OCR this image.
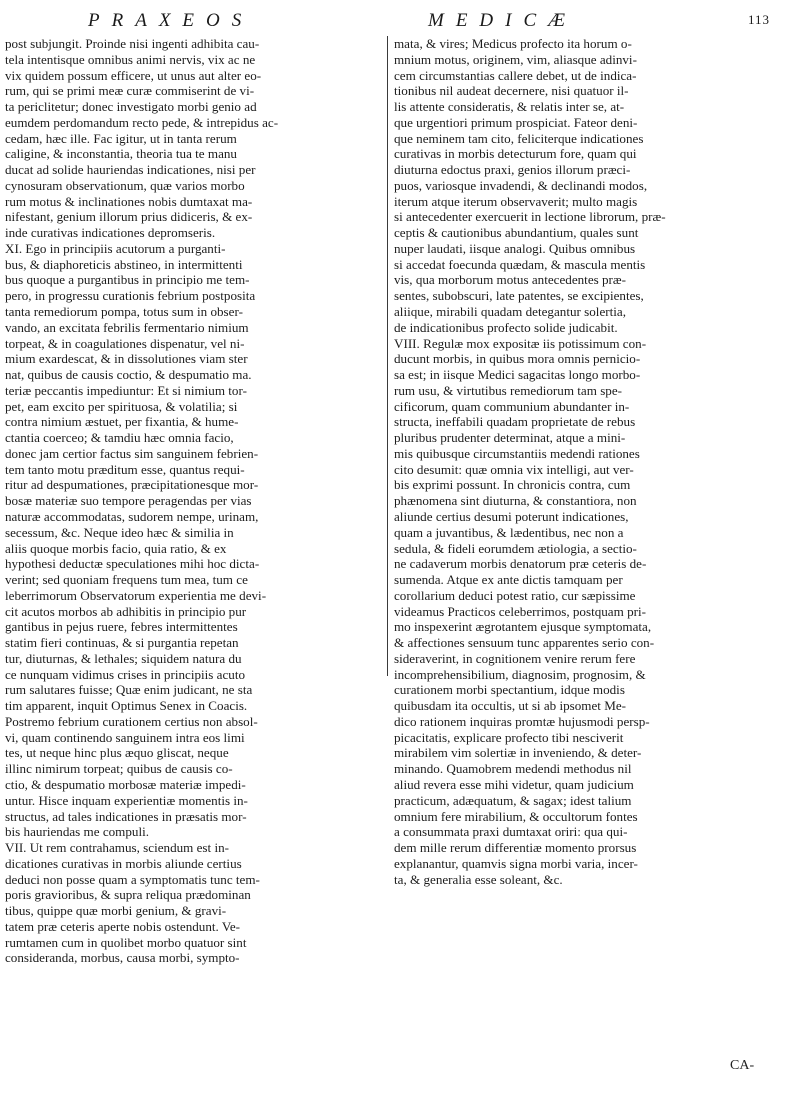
PRAXEOS	MEDICÆ	113
post subjungit. Proinde nisi ingenti adhibita cau-
tela intentisque omnibus animi nervis, vix ac ne
vix quidem possum efficere, ut unus aut alter eo-
rum, qui se primi meæ curæ commiserint de vi-
ta periclitetur; donec investigato morbi genio ad
eumdem perdomandum recto pede, & intrepidus ac-
cedam, hæc ille. Fac igitur, ut in tanta rerum
caligine, & inconstantia, theoria tua te manu
ducat ad solide hauriendas indicationes, nisi per
cynosuram observationum, quæ varios morbo
rum motus & inclinationes nobis dumtaxat ma-
nifestant, genium illorum prius didiceris, & ex-
inde curativas indicationes depromseris.
XI. Ego in principiis acutorum a purganti-
bus, & diaphoreticis abstineo, in intermittenti
bus quoque a purgantibus in principio me tem-
pero, in progressu curationis febrium postposita
tanta remediorum pompa, totus sum in obser-
vando, an excitata febrilis fermentario nimium
torpeat, & in coagulationes dispenatur, vel ni-
mium exardescat, & in dissolutiones viam ster
nat, quibus de causis coctio, & despumatio ma.
teriæ peccantis impediuntur: Et si nimium tor-
pet, eam excito per spirituosa, & volatilia; si
contra nimium æstuet, per fixantia, & hume-
ctantia coerceo; & tamdiu hæc omnia facio,
donec jam certior factus sim sanguinem febrien-
tem tanto motu præditum esse, quantus requi-
ritur ad despumationes, præcipitationesque mor-
bosæ materiæ suo tempore peragendas per vias
naturæ accommodatas, sudorem nempe, urinam,
secessum, &c. Neque ideo hæc & similia in
aliis quoque morbis facio, quia ratio, & ex
hypothesi deductæ speculationes mihi hoc dicta-
verint; sed quoniam frequens tum mea, tum ce
leberrimorum Observatorum experientia me devi-
cit acutos morbos ab adhibitis in principio pur
gantibus in pejus ruere, febres intermittentes
statim fieri continuas, & si purgantia repetan
tur, diuturnas, & lethales; siquidem natura du
ce nunquam vidimus crises in principiis acuto
rum salutares fuisse; Quæ enim judicant, ne sta
tim apparent, inquit Optimus Senex in Coacis.
Postremo febrium curationem certius non absol-
vi, quam continendo sanguinem intra eos limi
tes, ut neque hinc plus æquo gliscat, neque
illinc nimirum torpeat; quibus de causis co-
ctio, & despumatio morbosæ materiæ impedi-
untur. Hisce inquam experientiæ momentis in-
structus, ad tales indicationes in præsatis mor-
bis hauriendas me compuli.
VII. Ut rem contrahamus, sciendum est in-
dicationes curativas in morbis aliunde certius
deduci non posse quam a symptomatis tunc tem-
poris gravioribus, & supra reliqua prædominan
tibus, quippe quæ morbi genium, & gravi-
tatem præ ceteris aperte nobis ostendunt. Ve-
rumtamen cum in quolibet morbo quatuor sint
consideranda, morbus, causa morbi, sympto-
mata, & vires; Medicus profecto ita horum o-
mnium motus, originem, vim, aliasque adinvi-
cem circumstantias callere debet, ut de indica-
tionibus nil audeat decernere, nisi quatuor il-
lis attente consideratis, & relatis inter se, at-
que urgentiori primum prospiciat. Fateor deni-
que neminem tam cito, feliciterque indicationes
curativas in morbis detecturum fore, quam qui
diuturna edoctus praxi, genios illorum præci-
puos, variosque invadendi, & declinandi modos,
iterum atque iterum observaverit; multo magis
si antecedenter exercuerit in lectione librorum, præ-
ceptis & cautionibus abundantium, quales sunt
nuper laudati, iisque analogi. Quibus omnibus
si accedat foecunda quædam, & mascula mentis
vis, qua morborum motus antecedentes præ-
sentes, subobscuri, late patentes, se excipientes,
aliique, mirabili quadam detegantur solertia,
de indicationibus profecto solide judicabit.
VIII. Regulæ mox expositæ iis potissimum con-
ducunt morbis, in quibus mora omnis pernicio-
sa est; in iisque Medici sagacitas longo morbo-
rum usu, & virtutibus remediorum tam spe-
cificorum, quam communium abundanter in-
structa, ineffabili quadam proprietate de rebus
pluribus prudenter determinat, atque a mini-
mis quibusque circumstantiis medendi rationes
cito desumit: quæ omnia vix intelligi, aut ver-
bis exprimi possunt. In chronicis contra, cum
phænomena sint diuturna, & constantiora, non
aliunde certius desumi poterunt indicationes,
quam a juvantibus, & lædentibus, nec non a
sedula, & fideli eorumdem ætiologia, a sectio-
ne cadaverum morbis denatorum præ ceteris de-
sumenda. Atque ex ante dictis tamquam per
corollarium deduci potest ratio, cur sæpissime
videamus Practicos celeberrimos, postquam pri-
mo inspexerint ægrotantem ejusque symptomata,
& affectiones sensuum tunc apparentes serio con-
sideraverint, in cognitionem venire rerum fere
incomprehensibilium, diagnosim, prognosim, &
curationem morbi spectantium, idque modis
quibusdam ita occultis, ut si ab ipsomet Me-
dico rationem inquiras promtæ hujusmodi persp-
picacitatis, explicare profecto tibi nesciverit
mirabilem vim solertiæ in inveniendo, & deter-
minando. Quamobrem medendi methodus nil
aliud revera esse mihi videtur, quam judicium
practicum, adæquatum, & sagax; idest talium
omnium fere mirabilium, & occultorum fontes
a consummata praxi dumtaxat oriri: qua qui-
dem mille rerum differentiæ momento prorsus
explanantur, quamvis signa morbi varia, incer-
ta, & generalia esse soleant, &c.
CA-
